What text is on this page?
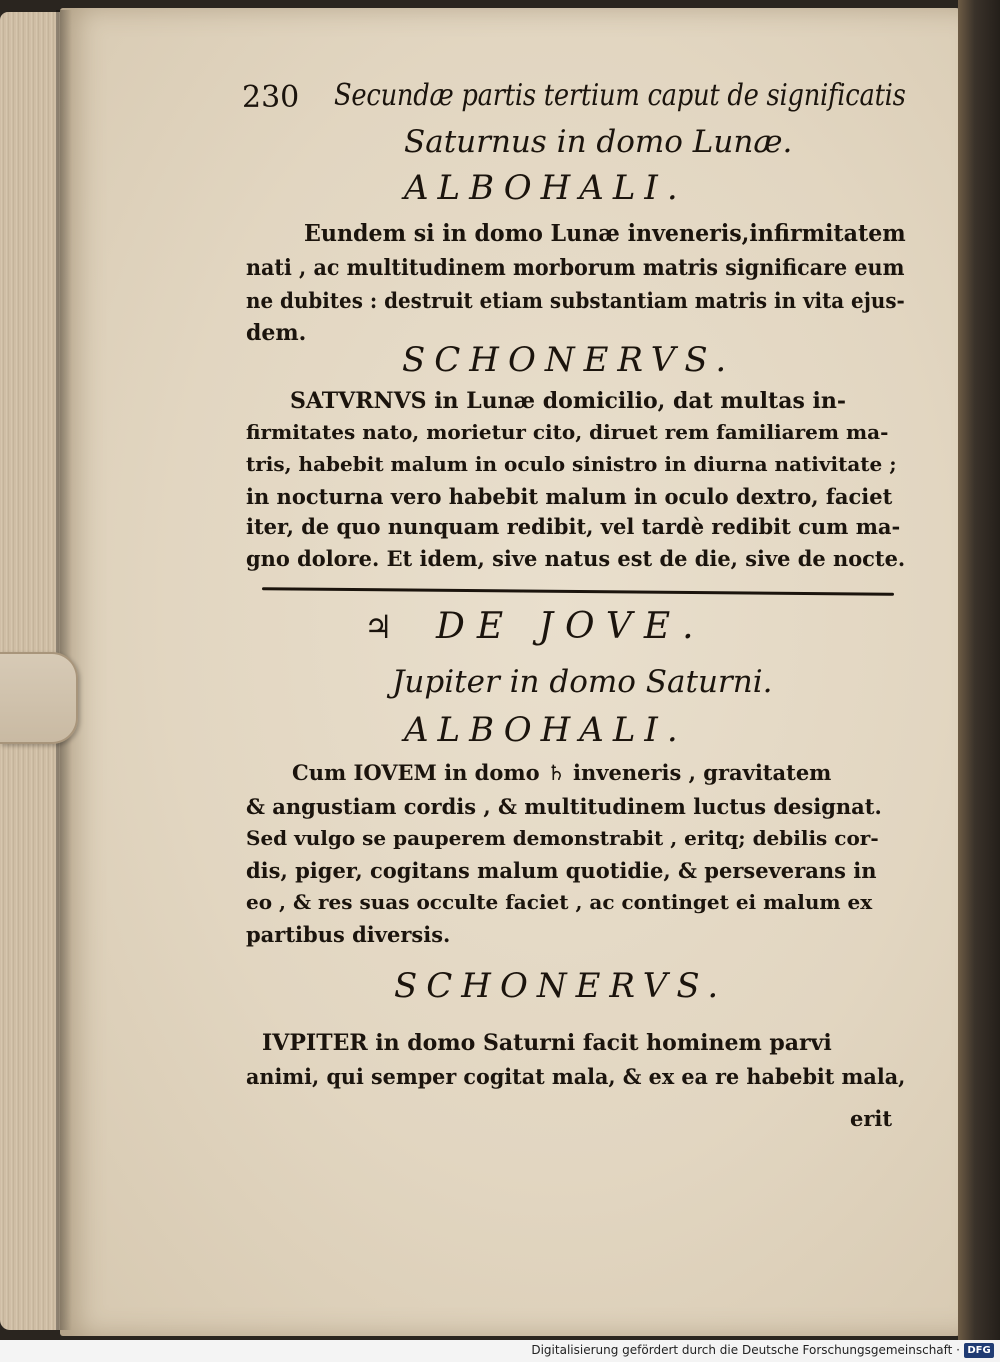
230 Secundæ partis tertium caput de significatis
Saturnus in domo Lunæ.
ALBOHALI.
Eundem si in domo Lunæ inveneris,infirmitatem
nati , ac multitudinem morborum matris significare eum
ne dubites : destruit etiam substantiam matris in vita ejus-
dem.
SCHONERVS.
SATVRNVS in Lunæ domicilio, dat multas in-
firmitates nato, morietur cito, diruet rem familiarem ma-
tris, habebit malum in oculo sinistro in diurna nativitate ;
in nocturna vero habebit malum in oculo dextro, faciet
iter, de quo nunquam redibit, vel tardè redibit cum ma-
gno dolore. Et idem, sive natus est de die, sive de nocte.
♃ DE JOVE.
Jupiter in domo Saturni.
ALBOHALI.
Cum IOVEM in domo ♄ inveneris , gravitatem
& angustiam cordis , & multitudinem luctus designat.
Sed vulgo se pauperem demonstrabit , eritq; debilis cor-
dis, piger, cogitans malum quotidie, & perseverans in
eo , & res suas occulte faciet , ac continget ei malum ex
partibus diversis.
SCHONERVS.
IVPITER in domo Saturni facit hominem parvi
animi, qui semper cogitat mala, & ex ea re habebit mala,
erit
Digitalisierung gefördert durch die Deutsche Forschungsgemeinschaft · DFG
